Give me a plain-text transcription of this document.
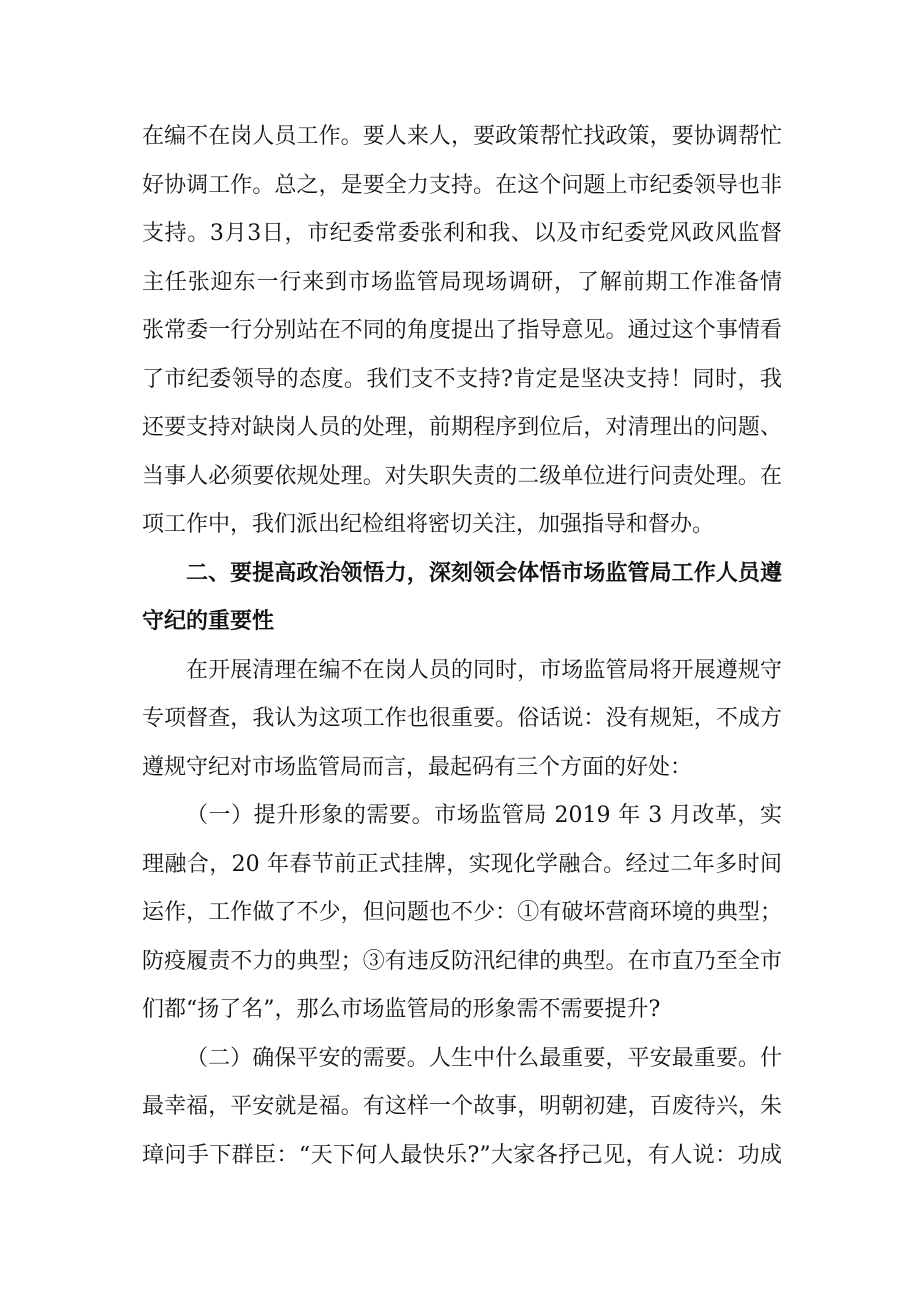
在编不在岗人员工作。要人来人，要政策帮忙找政策，要协调帮忙
好协调工作。总之，是要全力支持。在这个问题上市纪委领导也非
支持。3月3日，市纪委常委张利和我、以及市纪委党风政风监督
主任张迎东一行来到市场监管局现场调研，了解前期工作准备情
张常委一行分别站在不同的角度提出了指导意见。通过这个事情看
了市纪委领导的态度。我们支不支持?肯定是坚决支持！同时，我
还要支持对缺岗人员的处理，前期程序到位后，对清理出的问题、
当事人必须要依规处理。对失职失责的二级单位进行问责处理。在
项工作中，我们派出纪检组将密切关注，加强指导和督办。
二、要提高政治领悟力，深刻领会体悟市场监管局工作人员遵
守纪的重要性
在开展清理在编不在岗人员的同时，市场监管局将开展遵规守
专项督查，我认为这项工作也很重要。俗话说：没有规矩，不成方
遵规守纪对市场监管局而言，最起码有三个方面的好处：
（一）提升形象的需要。市场监管局 2019 年 3 月改革，实
理融合，20 年春节前正式挂牌，实现化学融合。经过二年多时间
运作，工作做了不少，但问题也不少：①有破坏营商环境的典型；
防疫履责不力的典型；③有违反防汛纪律的典型。在市直乃至全市
们都“扬了名”，那么市场监管局的形象需不需要提升?
（二）确保平安的需要。人生中什么最重要，平安最重要。什
最幸福，平安就是福。有这样一个故事，明朝初建，百废待兴，朱
璋问手下群臣：“天下何人最快乐?”大家各抒己见，有人说：功成
